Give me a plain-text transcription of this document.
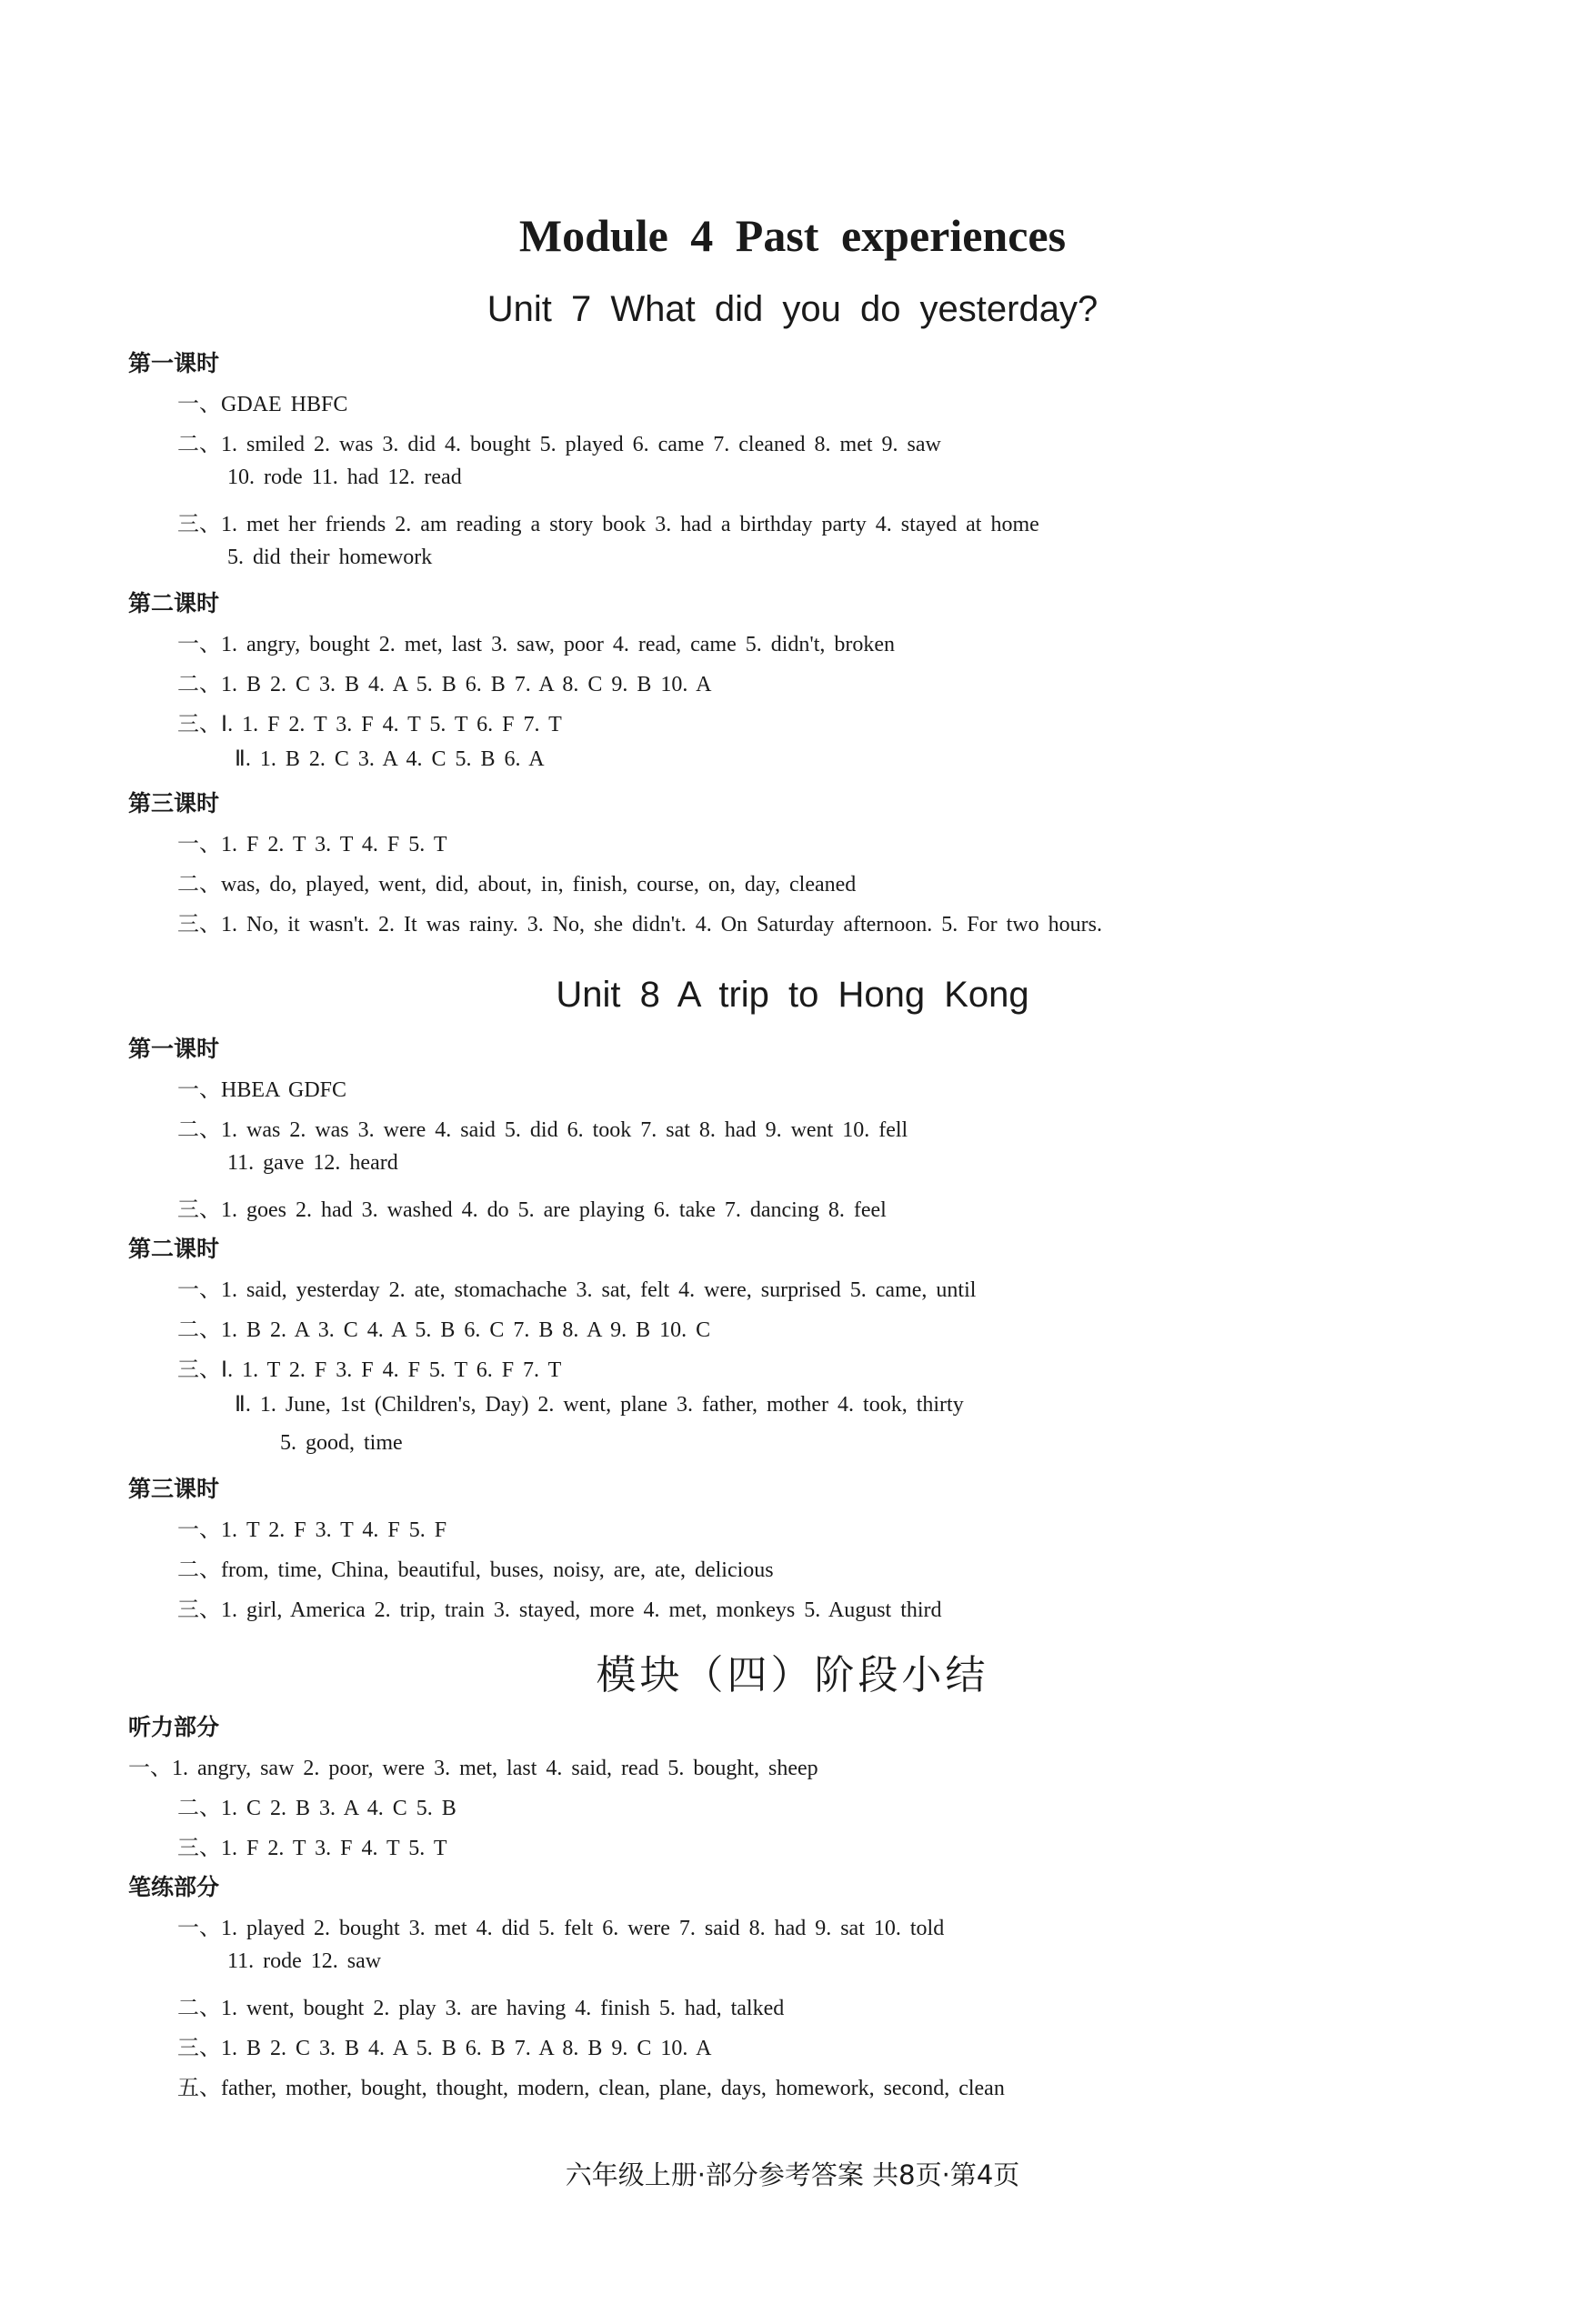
Module 4 Past experiences
Unit 7 What did you do yesterday?
第一课时
一、GDAE HBFC
二、1. smiled 2. was 3. did 4. bought 5. played 6. came 7. cleaned 8. met 9. saw
10. rode 11. had 12. read
三、1. met her friends 2. am reading a story book 3. had a birthday party 4. stayed at home
5. did their homework
第二课时
一、1. angry, bought 2. met, last 3. saw, poor 4. read, came 5. didn't, broken
二、1. B 2. C 3. B 4. A 5. B 6. B 7. A 8. C 9. B 10. A
三、Ⅰ. 1. F 2. T 3. F 4. T 5. T 6. F 7. T
Ⅱ. 1. B 2. C 3. A 4. C 5. B 6. A
第三课时
一、1. F 2. T 3. T 4. F 5. T
二、was, do, played, went, did, about, in, finish, course, on, day, cleaned
三、1. No, it wasn't. 2. It was rainy. 3. No, she didn't. 4. On Saturday afternoon. 5. For two hours.
Unit 8 A trip to Hong Kong
第一课时
一、HBEA GDFC
二、1. was 2. was 3. were 4. said 5. did 6. took 7. sat 8. had 9. went 10. fell
11. gave 12. heard
三、1. goes 2. had 3. washed 4. do 5. are playing 6. take 7. dancing 8. feel
第二课时
一、1. said, yesterday 2. ate, stomachache 3. sat, felt 4. were, surprised 5. came, until
二、1. B 2. A 3. C 4. A 5. B 6. C 7. B 8. A 9. B 10. C
三、Ⅰ. 1. T 2. F 3. F 4. F 5. T 6. F 7. T
Ⅱ. 1. June, 1st (Children's, Day) 2. went, plane 3. father, mother 4. took, thirty
5. good, time
第三课时
一、1. T 2. F 3. T 4. F 5. F
二、from, time, China, beautiful, buses, noisy, are, ate, delicious
三、1. girl, America 2. trip, train 3. stayed, more 4. met, monkeys 5. August third
模块（四）阶段小结
听力部分
一、1. angry, saw 2. poor, were 3. met, last 4. said, read 5. bought, sheep
二、1. C 2. B 3. A 4. C 5. B
三、1. F 2. T 3. F 4. T 5. T
笔练部分
一、1. played 2. bought 3. met 4. did 5. felt 6. were 7. said 8. had 9. sat 10. told
11. rode 12. saw
二、1. went, bought 2. play 3. are having 4. finish 5. had, talked
三、1. B 2. C 3. B 4. A 5. B 6. B 7. A 8. B 9. C 10. A
五、father, mother, bought, thought, modern, clean, plane, days, homework, second, clean
六年级上册·部分参考答案 共8页·第4页
